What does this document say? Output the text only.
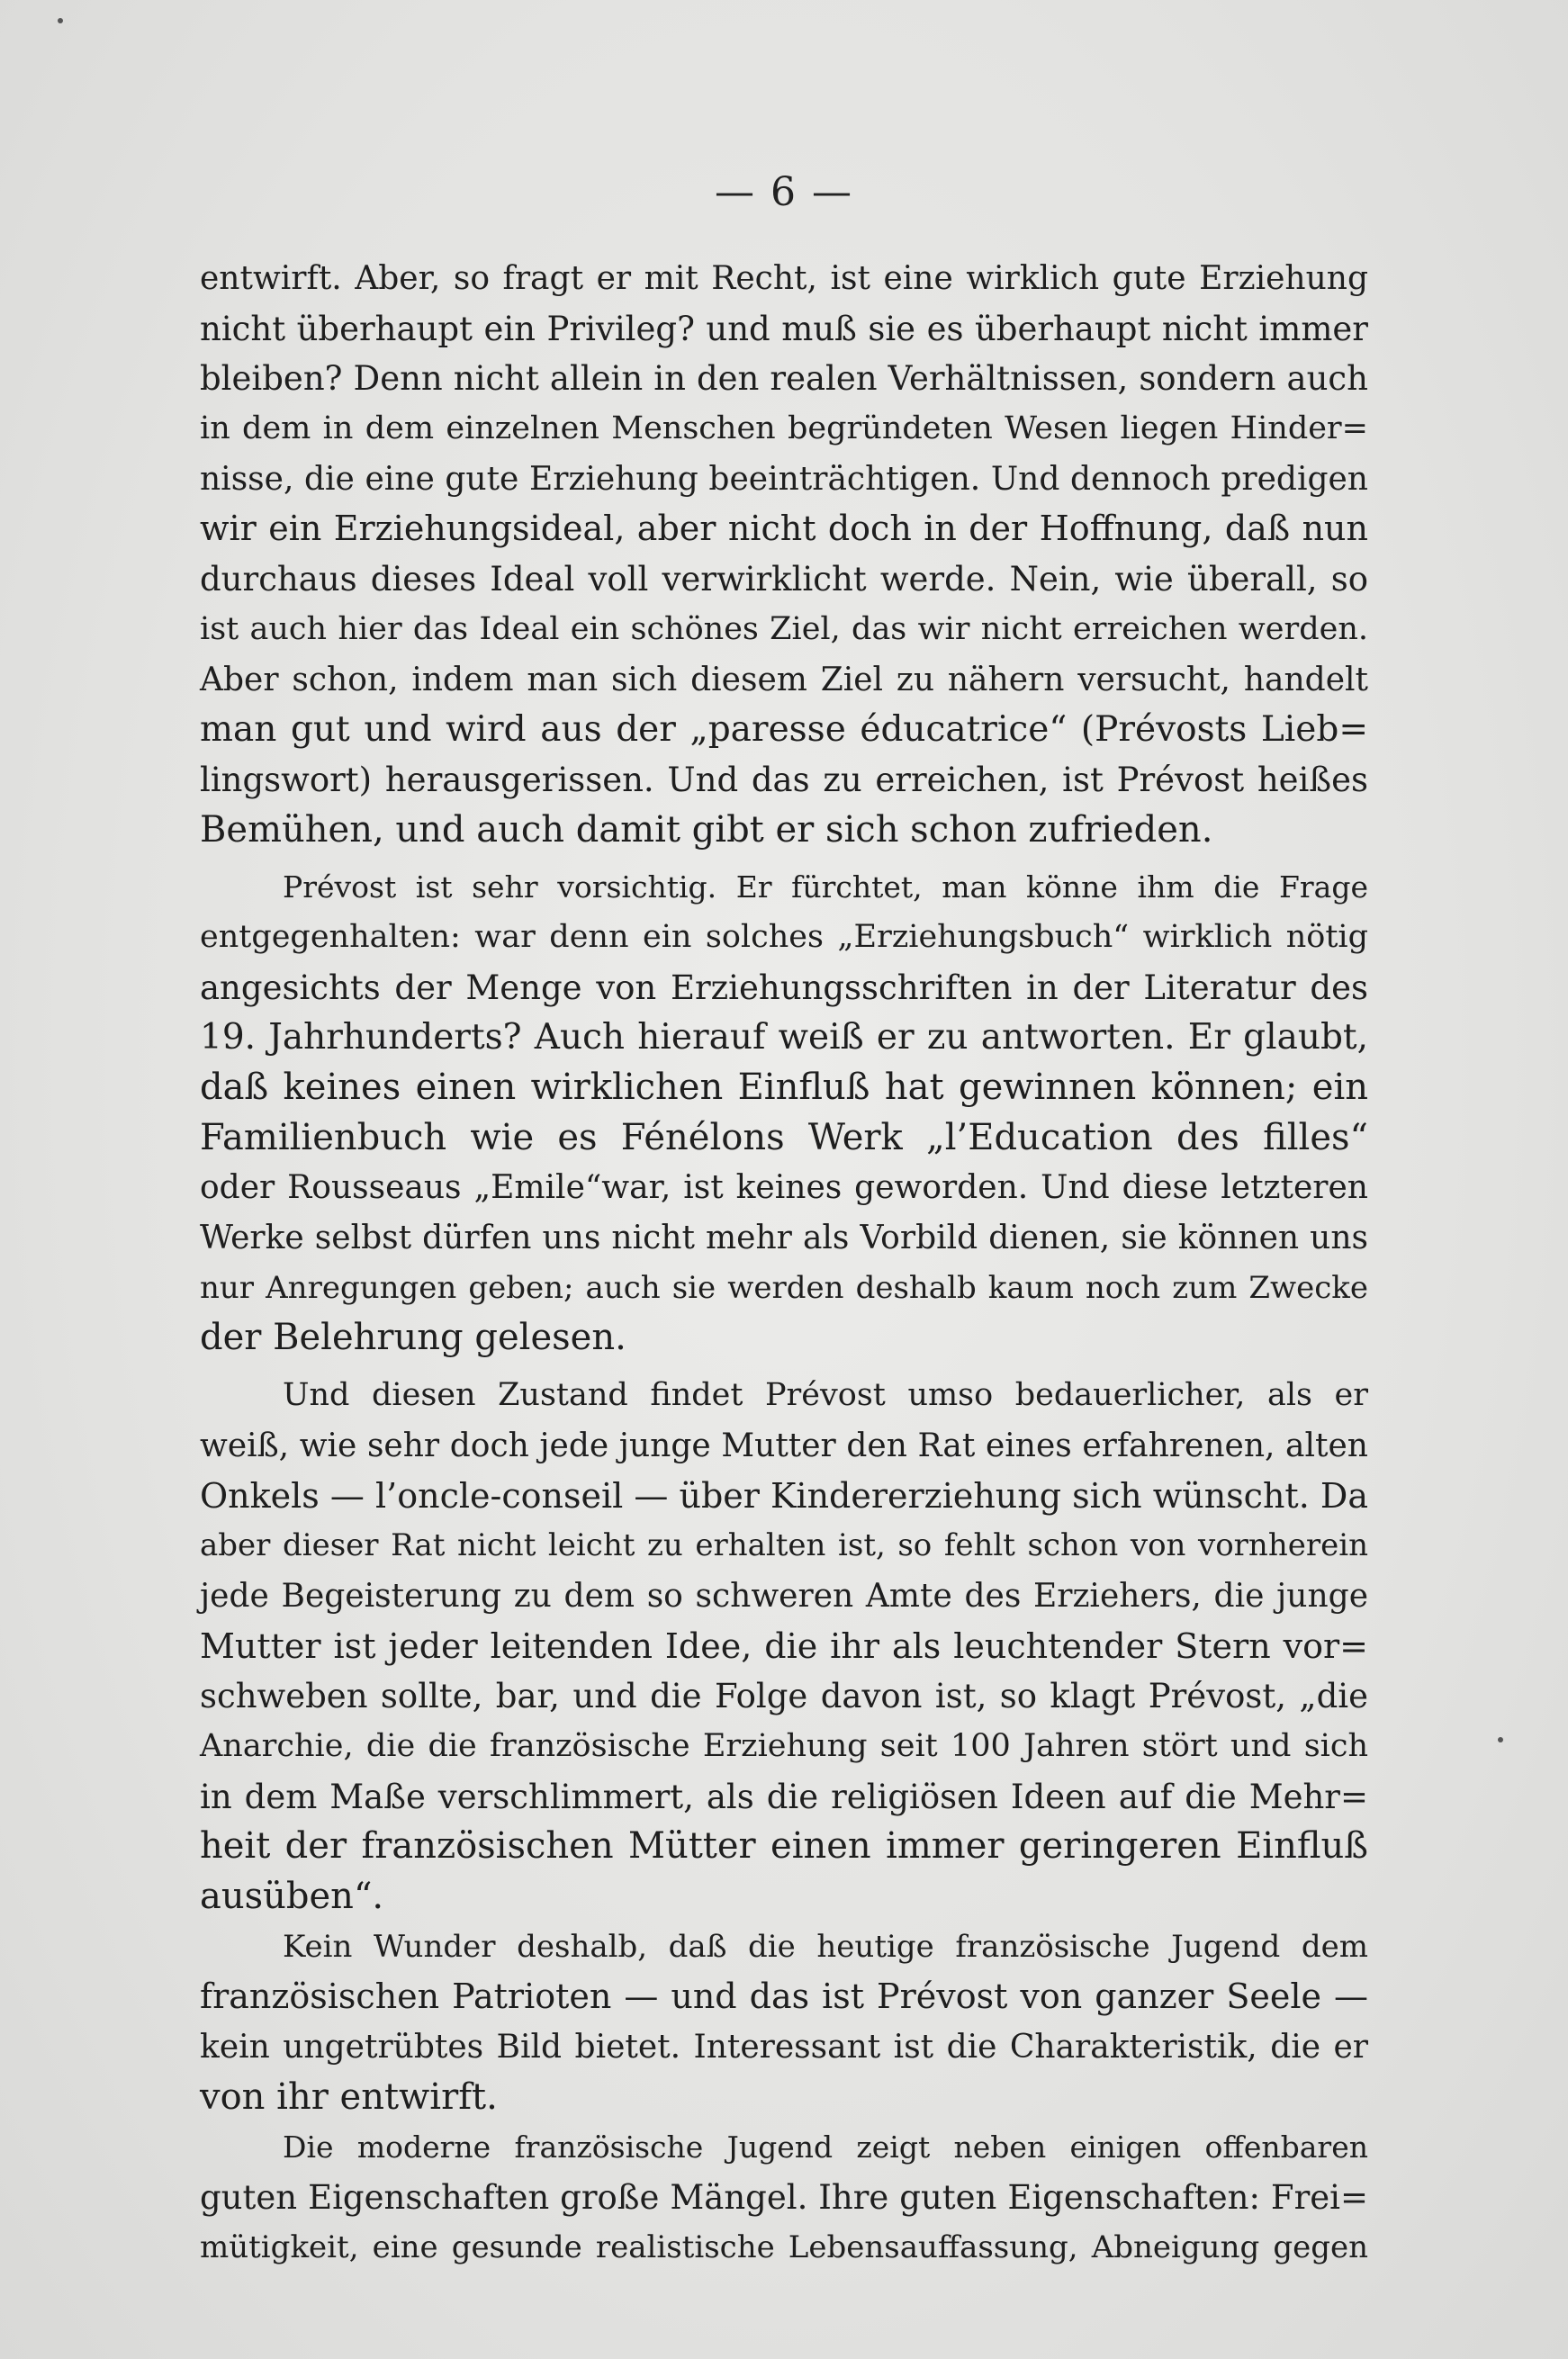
— 6 —
entwirft. Aber, so fragt er mit Recht, ist eine wirklich gute Erziehung
nicht überhaupt ein Privileg? und muß sie es überhaupt nicht immer
bleiben? Denn nicht allein in den realen Verhältnissen, sondern auch
in dem in dem einzelnen Menschen begründeten Wesen liegen Hinder=
nisse, die eine gute Erziehung beeinträchtigen. Und dennoch predigen
wir ein Erziehungsideal, aber nicht doch in der Hoffnung, daß nun
durchaus dieses Ideal voll verwirklicht werde. Nein, wie überall, so
ist auch hier das Ideal ein schönes Ziel, das wir nicht erreichen werden.
Aber schon, indem man sich diesem Ziel zu nähern versucht, handelt
man gut und wird aus der „paresse éducatrice“ (Prévosts Lieb=
lingswort) herausgerissen. Und das zu erreichen, ist Prévost heißes
Bemühen, und auch damit gibt er sich schon zufrieden.
Prévost ist sehr vorsichtig. Er fürchtet, man könne ihm die Frage
entgegenhalten: war denn ein solches „Erziehungsbuch“ wirklich nötig
angesichts der Menge von Erziehungsschriften in der Literatur des
19. Jahrhunderts? Auch hierauf weiß er zu antworten. Er glaubt,
daß keines einen wirklichen Einfluß hat gewinnen können; ein
Familienbuch wie es Fénélons Werk „l’Education des filles“
oder Rousseaus „Emile“war, ist keines geworden. Und diese letzteren
Werke selbst dürfen uns nicht mehr als Vorbild dienen, sie können uns
nur Anregungen geben; auch sie werden deshalb kaum noch zum Zwecke
der Belehrung gelesen.
Und diesen Zustand findet Prévost umso bedauerlicher, als er
weiß, wie sehr doch jede junge Mutter den Rat eines erfahrenen, alten
Onkels — l’oncle-conseil — über Kindererziehung sich wünscht. Da
aber dieser Rat nicht leicht zu erhalten ist, so fehlt schon von vornherein
jede Begeisterung zu dem so schweren Amte des Erziehers, die junge
Mutter ist jeder leitenden Idee, die ihr als leuchtender Stern vor=
schweben sollte, bar, und die Folge davon ist, so klagt Prévost, „die
Anarchie, die die französische Erziehung seit 100 Jahren stört und sich
in dem Maße verschlimmert, als die religiösen Ideen auf die Mehr=
heit der französischen Mütter einen immer geringeren Einfluß
ausüben“.
Kein Wunder deshalb, daß die heutige französische Jugend dem
französischen Patrioten — und das ist Prévost von ganzer Seele —
kein ungetrübtes Bild bietet. Interessant ist die Charakteristik, die er
von ihr entwirft.
Die moderne französische Jugend zeigt neben einigen offenbaren
guten Eigenschaften große Mängel. Ihre guten Eigenschaften: Frei=
mütigkeit, eine gesunde realistische Lebensauffassung, Abneigung gegen
